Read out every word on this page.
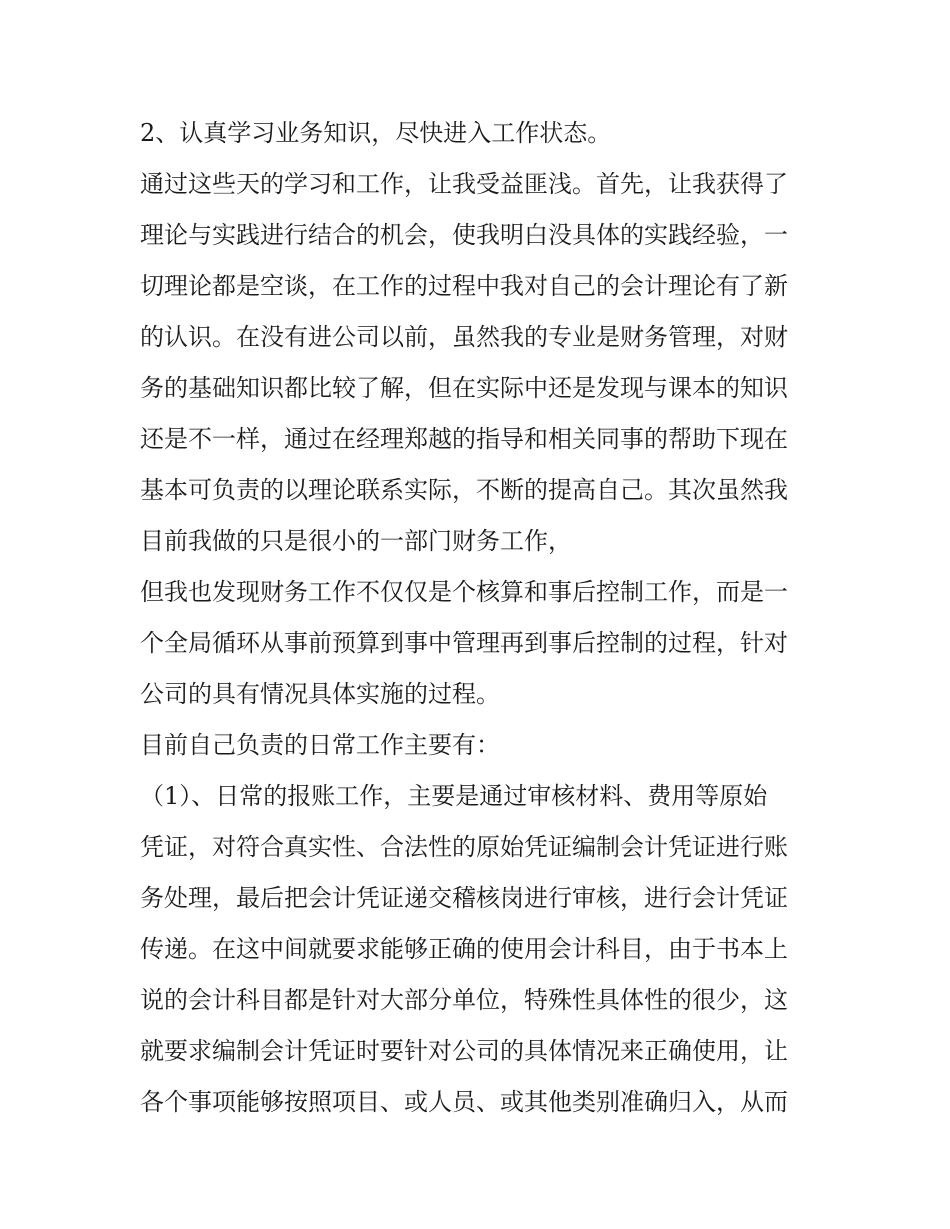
2、认真学习业务知识，尽快进入工作状态。
通过这些天的学习和工作，让我受益匪浅。首先，让我获得了
理论与实践进行结合的机会，使我明白没具体的实践经验，一
切理论都是空谈，在工作的过程中我对自己的会计理论有了新
的认识。在没有进公司以前，虽然我的专业是财务管理，对财
务的基础知识都比较了解，但在实际中还是发现与课本的知识
还是不一样，通过在经理郑越的指导和相关同事的帮助下现在
基本可负责的以理论联系实际，不断的提高自己。其次虽然我
目前我做的只是很小的一部门财务工作，
但我也发现财务工作不仅仅是个核算和事后控制工作，而是一
个全局循环从事前预算到事中管理再到事后控制的过程，针对
公司的具有情况具体实施的过程。
目前自己负责的日常工作主要有：
（1）、日常的报账工作，主要是通过审核材料、费用等原始
凭证，对符合真实性、合法性的原始凭证编制会计凭证进行账
务处理，最后把会计凭证递交稽核岗进行审核，进行会计凭证
传递。在这中间就要求能够正确的使用会计科目，由于书本上
说的会计科目都是针对大部分单位，特殊性具体性的很少，这
就要求编制会计凭证时要针对公司的具体情况来正确使用，让
各个事项能够按照项目、或人员、或其他类别准确归入，从而
